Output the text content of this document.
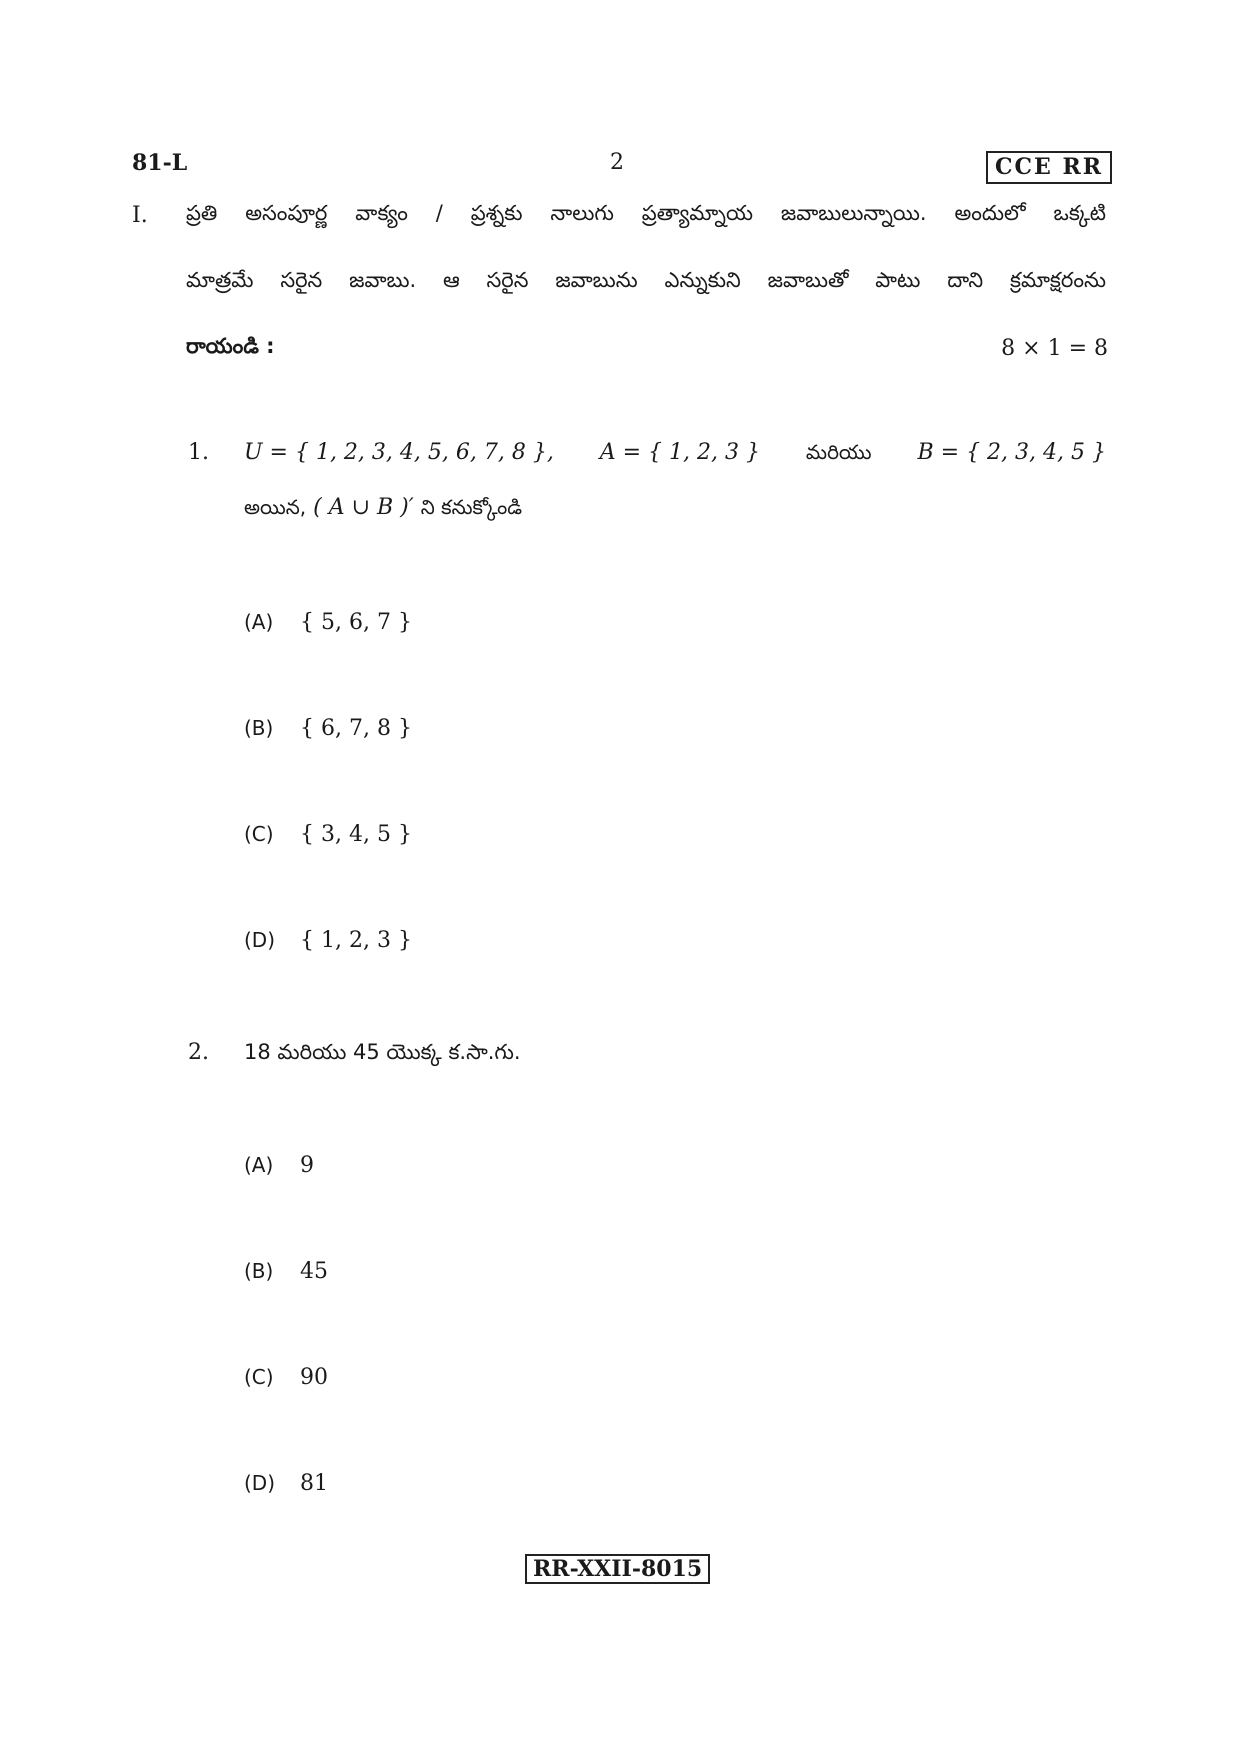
81-L	2	CCE RR
I. ప్రతి అసంపూర్ణ వాక్యం / ప్రశ్నకు నాలుగు ప్రత్యామ్నాయ జవాబులున్నాయి. అందులో ఒక్కటి
మాత్రమే సరైన జవాబు. ఆ సరైన జవాబును ఎన్నుకుని జవాబుతో పాటు దాని క్రమాక్షరంను
రాయండి :	8 × 1 = 8
1. U = { 1, 2, 3, 4, 5, 6, 7, 8 }, A = { 1, 2, 3 } మరియు B = { 2, 3, 4, 5 }
అయిన, ( A ∪ B )′ ని కనుక్కోండి
(A) { 5, 6, 7 }
(B) { 6, 7, 8 }
(C) { 3, 4, 5 }
(D) { 1, 2, 3 }
2. 18 మరియు 45 యొక్క క.సా.గు.
(A) 9
(B) 45
(C) 90
(D) 81
RR-XXII-8015
